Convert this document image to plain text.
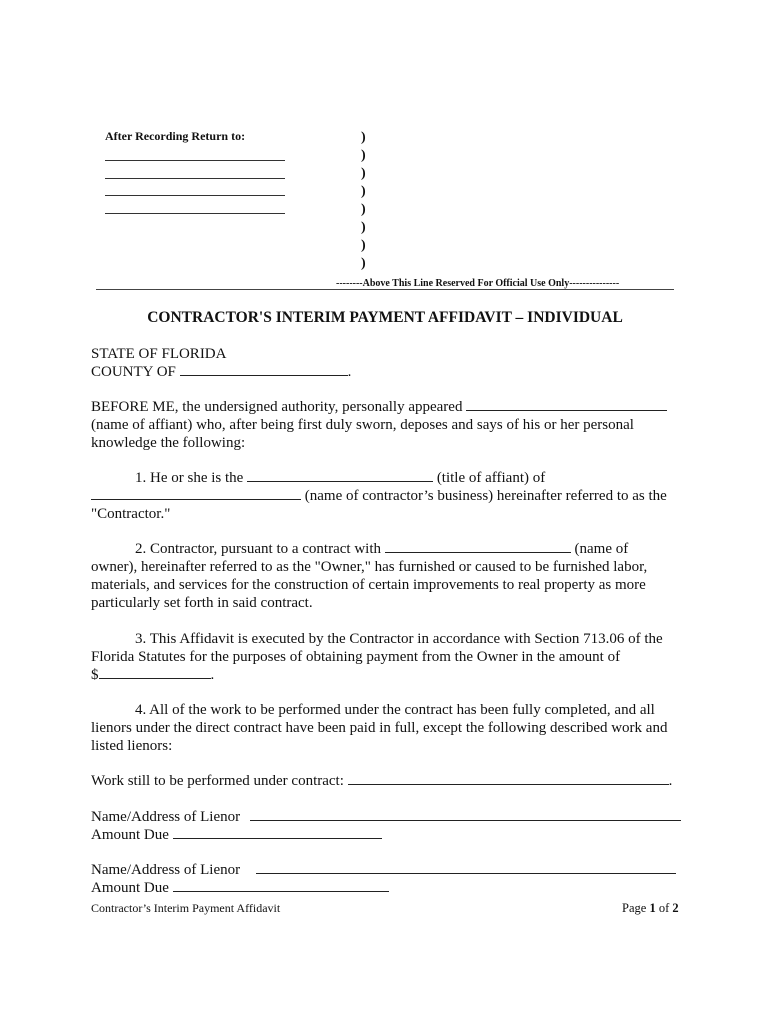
After Recording Return to:	)
)
)
)
)
)
)
)
--------Above This Line Reserved For Official Use Only---------------
CONTRACTOR'S INTERIM PAYMENT AFFIDAVIT – INDIVIDUAL
STATE OF FLORIDA
COUNTY OF	.
BEFORE ME, the undersigned authority, personally appeared
(name of affiant) who, after being first duly sworn, deposes and says of his or her personal
knowledge the following:
1. He or she is the	(title of affiant) of
(name of contractor’s business) hereinafter referred to as the
"Contractor."
2. Contractor, pursuant to a contract with	(name of
owner), hereinafter referred to as the "Owner," has furnished or caused to be furnished labor,
materials, and services for the construction of certain improvements to real property as more
particularly set forth in said contract.
3. This Affidavit is executed by the Contractor in accordance with Section 713.06 of the
Florida Statutes for the purposes of obtaining payment from the Owner in the amount of
$	.
4. All of the work to be performed under the contract has been fully completed, and all
lienors under the direct contract have been paid in full, except the following described work and
listed lienors:
Work still to be performed under contract:	.
Name/Address of Lienor
Amount Due
Name/Address of Lienor
Amount Due
Contractor’s Interim Payment Affidavit	Page 1 of 2
